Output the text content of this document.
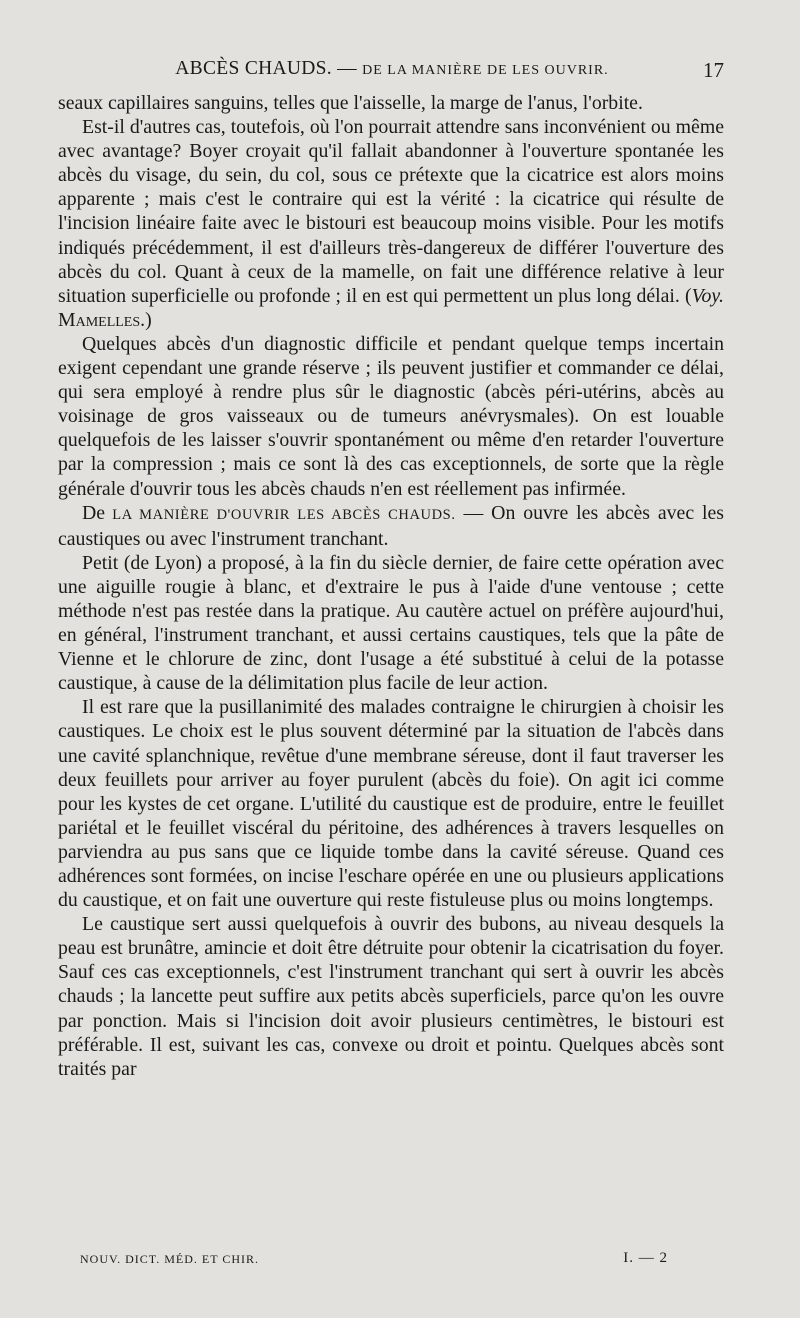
ABCÈS CHAUDS. — DE LA MANIÈRE DE LES OUVRIR.	17

seaux capillaires sanguins, telles que l'aisselle, la marge de l'anus, l'orbite.

Est-il d'autres cas, toutefois, où l'on pourrait attendre sans inconvénient ou même avec avantage? Boyer croyait qu'il fallait abandonner à l'ouverture spontanée les abcès du visage, du sein, du col, sous ce prétexte que la cicatrice est alors moins apparente ; mais c'est le contraire qui est la vérité : la cicatrice qui résulte de l'incision linéaire faite avec le bistouri est beaucoup moins visible. Pour les motifs indiqués précédemment, il est d'ailleurs très-dangereux de différer l'ouverture des abcès du col. Quant à ceux de la mamelle, on fait une différence relative à leur situation superficielle ou profonde ; il en est qui permettent un plus long délai. (Voy. Mamelles.)

Quelques abcès d'un diagnostic difficile et pendant quelque temps incertain exigent cependant une grande réserve ; ils peuvent justifier et commander ce délai, qui sera employé à rendre plus sûr le diagnostic (abcès péri-utérins, abcès au voisinage de gros vaisseaux ou de tumeurs anévrysmales). On est louable quelquefois de les laisser s'ouvrir spontanément ou même d'en retarder l'ouverture par la compression ; mais ce sont là des cas exceptionnels, de sorte que la règle générale d'ouvrir tous les abcès chauds n'en est réellement pas infirmée.

De LA MANIÈRE D'OUVRIR LES ABCÈS CHAUDS. — On ouvre les abcès avec les caustiques ou avec l'instrument tranchant.

Petit (de Lyon) a proposé, à la fin du siècle dernier, de faire cette opération avec une aiguille rougie à blanc, et d'extraire le pus à l'aide d'une ventouse ; cette méthode n'est pas restée dans la pratique. Au cautère actuel on préfère aujourd'hui, en général, l'instrument tranchant, et aussi certains caustiques, tels que la pâte de Vienne et le chlorure de zinc, dont l'usage a été substitué à celui de la potasse caustique, à cause de la délimitation plus facile de leur action.

Il est rare que la pusillanimité des malades contraigne le chirurgien à choisir les caustiques. Le choix est le plus souvent déterminé par la situation de l'abcès dans une cavité splanchnique, revêtue d'une membrane séreuse, dont il faut traverser les deux feuillets pour arriver au foyer purulent (abcès du foie). On agit ici comme pour les kystes de cet organe. L'utilité du caustique est de produire, entre le feuillet pariétal et le feuillet viscéral du péritoine, des adhérences à travers lesquelles on parviendra au pus sans que ce liquide tombe dans la cavité séreuse. Quand ces adhérences sont formées, on incise l'eschare opérée en une ou plusieurs applications du caustique, et on fait une ouverture qui reste fistuleuse plus ou moins longtemps.

Le caustique sert aussi quelquefois à ouvrir des bubons, au niveau desquels la peau est brunâtre, amincie et doit être détruite pour obtenir la cicatrisation du foyer. Sauf ces cas exceptionnels, c'est l'instrument tranchant qui sert à ouvrir les abcès chauds ; la lancette peut suffire aux petits abcès superficiels, parce qu'on les ouvre par ponction. Mais si l'incision doit avoir plusieurs centimètres, le bistouri est préférable. Il est, suivant les cas, convexe ou droit et pointu. Quelques abcès sont traités par

NOUV. DICT. MÉD. ET CHIR.	I. — 2
